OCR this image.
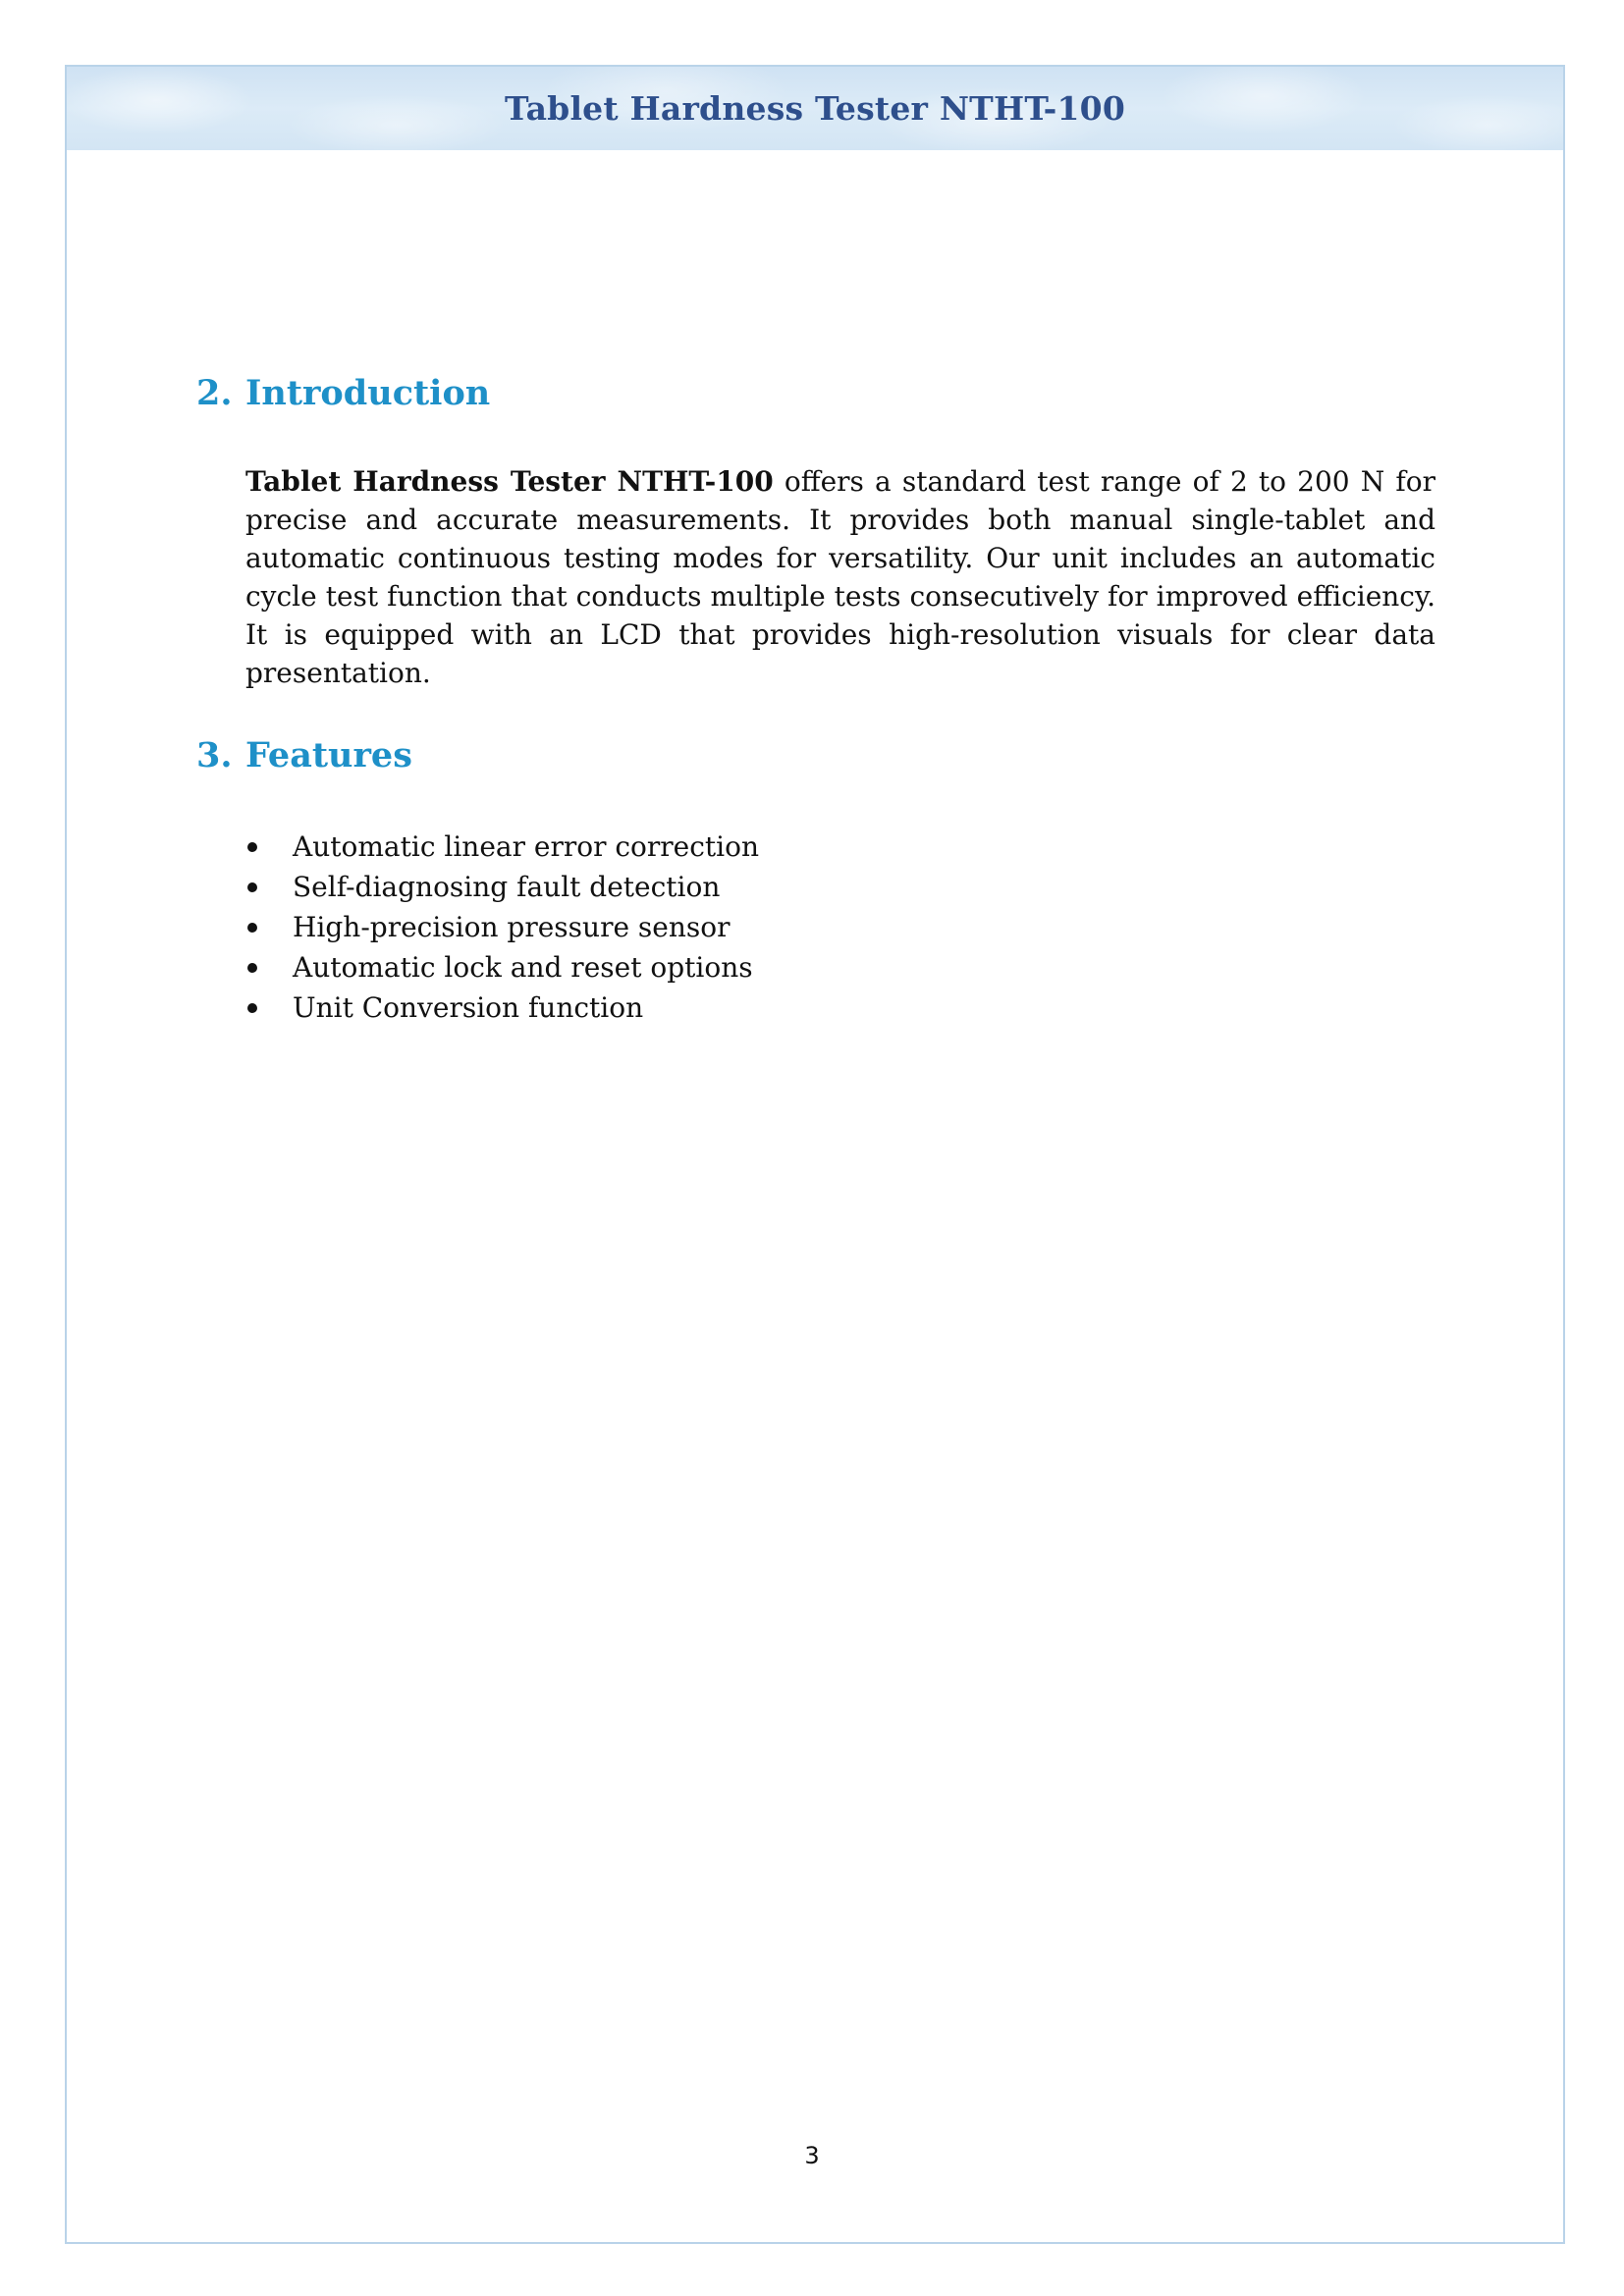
Tablet Hardness Tester NTHT-100
2. Introduction

Tablet Hardness Tester NTHT-100 offers a standard test range of 2 to 200 N for precise and accurate measurements. It provides both manual single-tablet and automatic continuous testing modes for versatility. Our unit includes an automatic cycle test function that conducts multiple tests consecutively for improved efficiency. It is equipped with an LCD that provides high-resolution visuals for clear data presentation.

3. Features
Automatic linear error correction
Self-diagnosing fault detection
High-precision pressure sensor
Automatic lock and reset options
Unit Conversion function
3
